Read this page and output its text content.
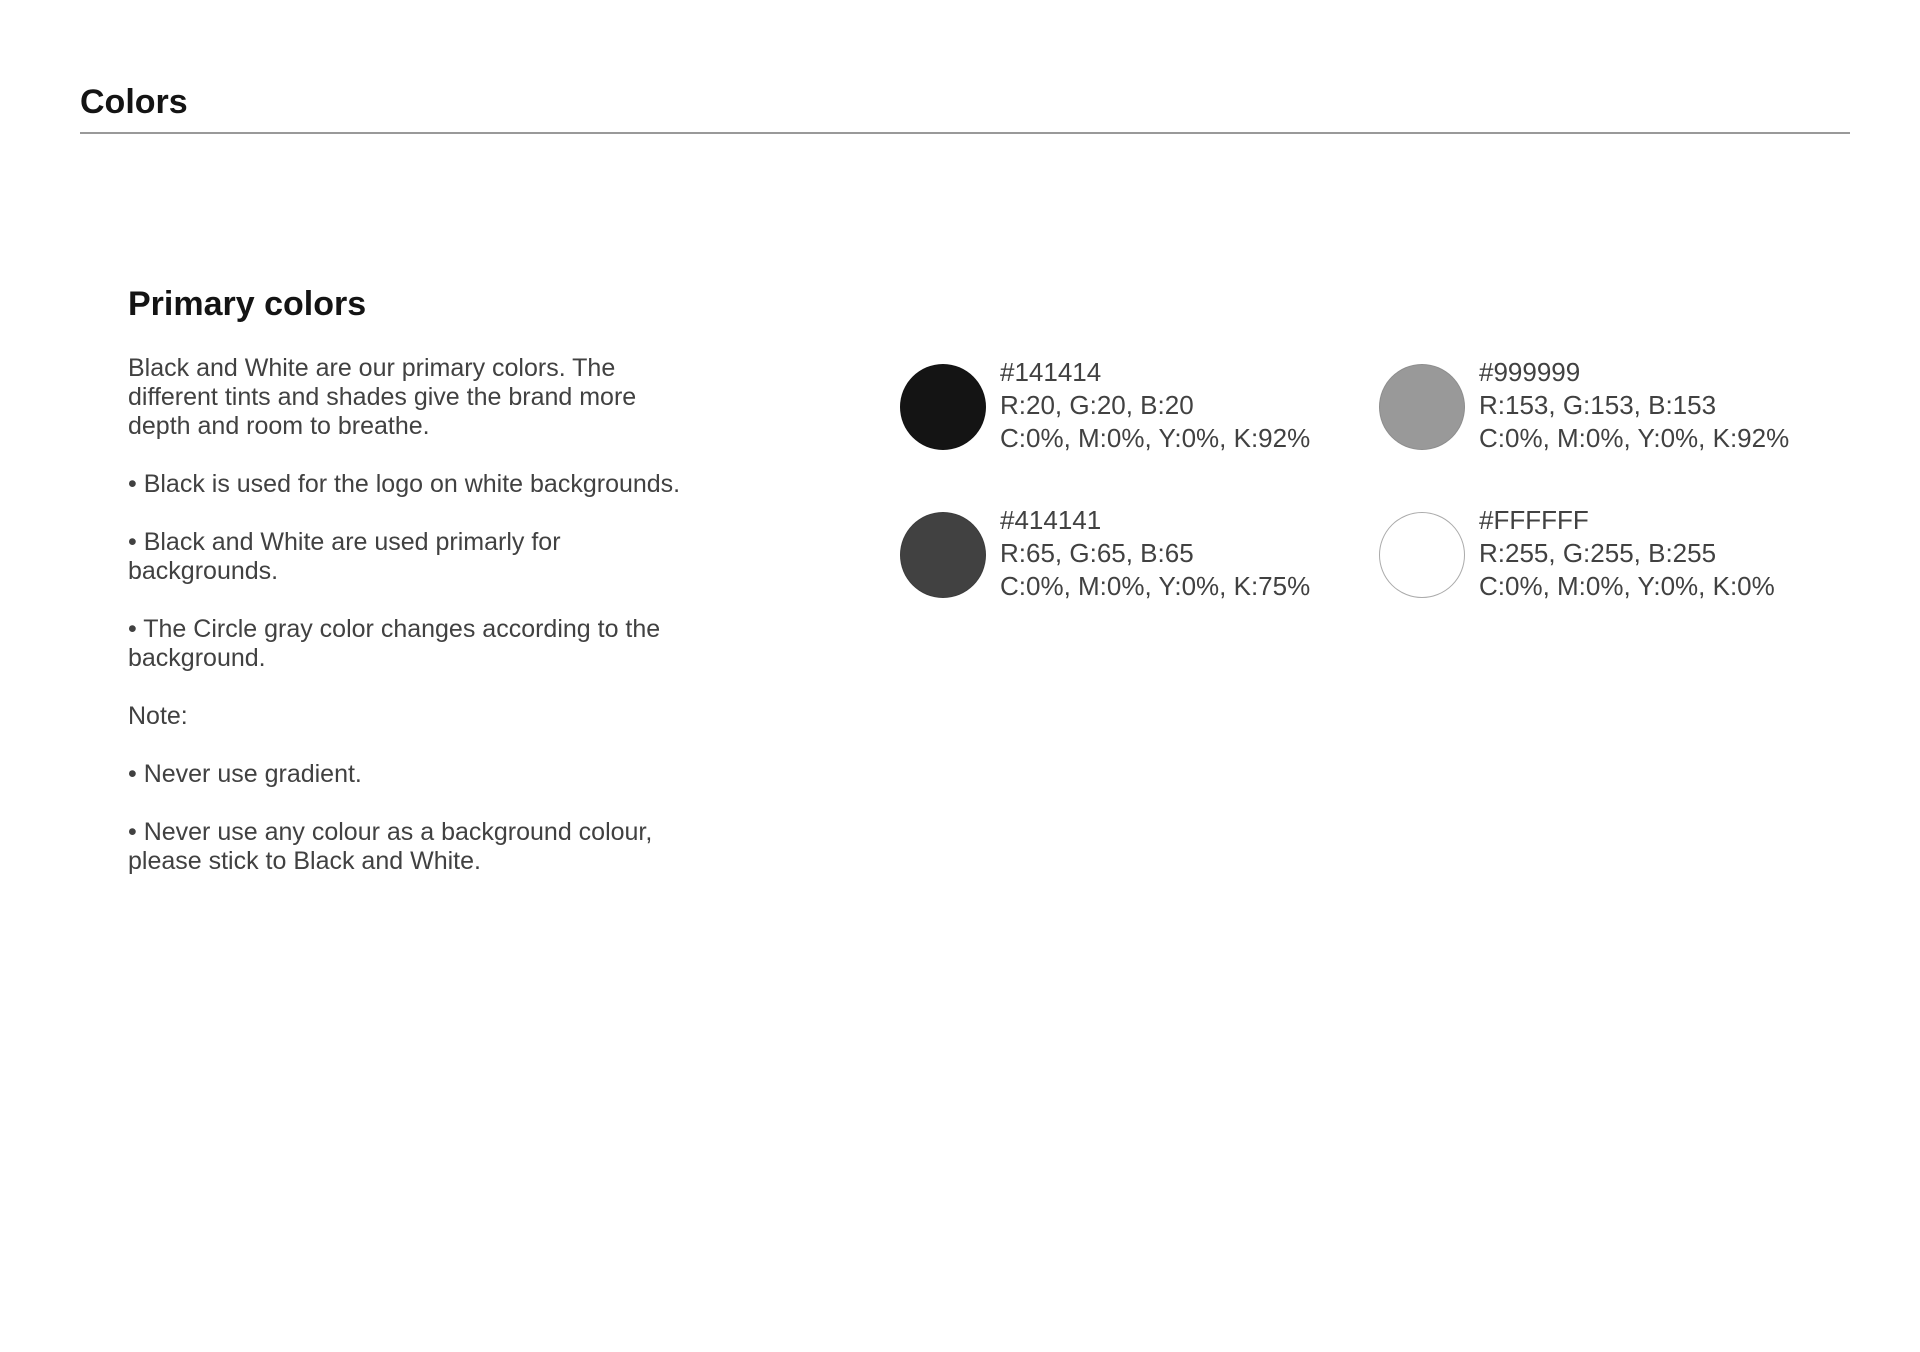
Colors
Primary colors

Black and White are our primary colors. The different tints and shades give the brand more depth and room to breathe.

• Black is used for the logo on white backgrounds.

• Black and White are used primarly for backgrounds.

• The Circle gray color changes according to the background.

Note:

• Never use gradient.

• Never use any colour as a background colour, please stick to Black and White.

#141414
R:20, G:20, B:20
C:0%, M:0%, Y:0%, K:92%
#999999
R:153, G:153, B:153
C:0%, M:0%, Y:0%, K:92%
#414141
R:65, G:65, B:65
C:0%, M:0%, Y:0%, K:75%
#FFFFFF
R:255, G:255, B:255
C:0%, M:0%, Y:0%, K:0%
